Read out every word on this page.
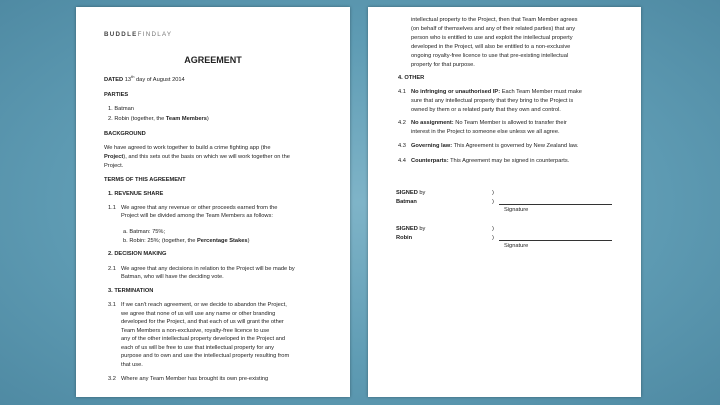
BUDDLEFINDLAY
AGREEMENT
DATED 13th day of August 2014
PARTIES
1. Batman
2. Robin (together, the Team Members)
BACKGROUND
We have agreed to work together to build a crime fighting app (the
Project), and this sets out the basis on which we will work together on the
Project.
TERMS OF THIS AGREEMENT
1. REVENUE SHARE
1.1 We agree that any revenue or other proceeds earned from the
Project will be divided among the Team Members as follows:
a. Batman: 75%;
b. Robin: 25%; (together, the Percentage Stakes)
2. DECISION MAKING
2.1 We agree that any decisions in relation to the Project will be made by
Batman, who will have the deciding vote.
3. TERMINATION
3.1 If we can't reach agreement, or we decide to abandon the Project,
we agree that none of us will use any name or other branding
developed for the Project, and that each of us will grant the other
Team Members a non-exclusive, royalty-free licence to use
any of the other intellectual property developed in the Project and
each of us will be free to use that intellectual property for any
purpose and to own and use the intellectual property resulting from
that use.
3.2 Where any Team Member has brought its own pre-existing
intellectual property to the Project, then that Team Member agrees
(on behalf of themselves and any of their related parties) that any
person who is entitled to use and exploit the intellectual property
developed in the Project, will also be entitled to a non-exclusive
ongoing royalty-free licence to use that pre-existing intellectual
property for that purpose.
4. OTHER
4.1 No infringing or unauthorised IP: Each Team Member must make
sure that any intellectual property that they bring to the Project is
owned by them or a related party that they own and control.
4.2 No assignment: No Team Member is allowed to transfer their
interest in the Project to someone else unless we all agree.
4.3 Governing law: This Agreement is governed by New Zealand law.
4.4 Counterparts: This Agreement may be signed in counterparts.
SIGNED by	)
Batman	)
Signature
SIGNED by	)
Robin	)
Signature
